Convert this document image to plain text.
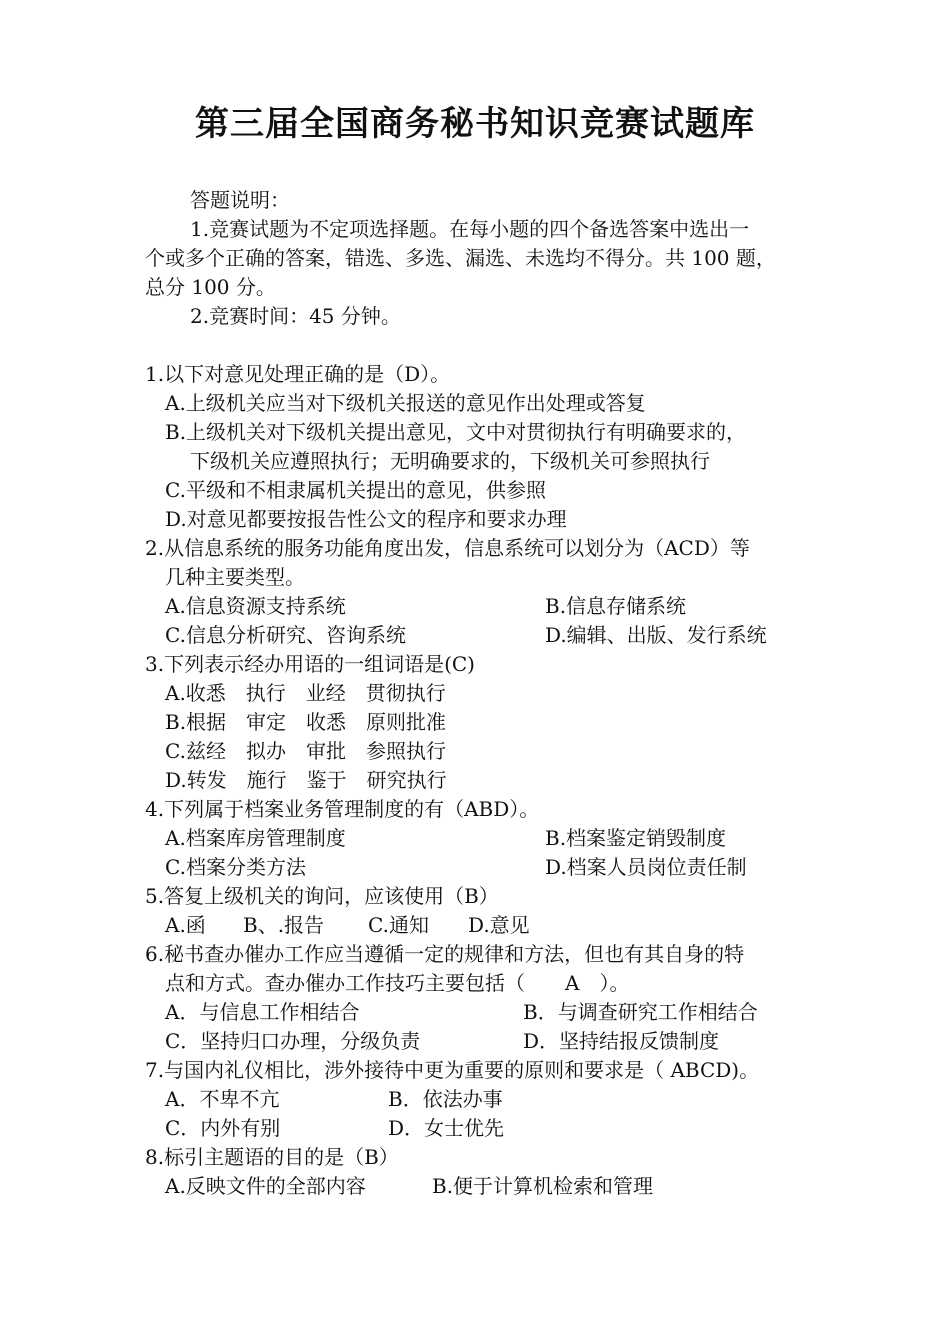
第三届全国商务秘书知识竞赛试题库
答题说明：
1.竞赛试题为不定项选择题。在每小题的四个备选答案中选出一
个或多个正确的答案，错选、多选、漏选、未选均不得分。共 100 题，
总分 100 分。
2.竞赛时间：45 分钟。
1.以下对意见处理正确的是（D）。
A.上级机关应当对下级机关报送的意见作出处理或答复
B.上级机关对下级机关提出意见，文中对贯彻执行有明确要求的，
下级机关应遵照执行；无明确要求的，下级机关可参照执行
C.平级和不相隶属机关提出的意见，供参照
D.对意见都要按报告性公文的程序和要求办理
2.从信息系统的服务功能角度出发，信息系统可以划分为（ACD）等
几种主要类型。
A.信息资源支持系统	B.信息存储系统
C.信息分析研究、咨询系统	D.编辑、出版、发行系统
3.下列表示经办用语的一组词语是(C)
A.收悉　执行　业经　贯彻执行
B.根据　审定　收悉　原则批准
C.兹经　拟办　审批　参照执行
D.转发　施行　鉴于　研究执行
4.下列属于档案业务管理制度的有（ABD）。
A.档案库房管理制度	B.档案鉴定销毁制度
C.档案分类方法	D.档案人员岗位责任制
5.答复上级机关的询问，应该使用（B）
A.函 B、.报告 C.通知 D.意见
6.秘书查办催办工作应当遵循一定的规律和方法，但也有其自身的特
点和方式。查办催办工作技巧主要包括（　　A　）。
A．与信息工作相结合	B．与调查研究工作相结合
C．坚持归口办理，分级负责	D．坚持结报反馈制度
7.与国内礼仪相比，涉外接待中更为重要的原则和要求是（ ABCD)。
A．不卑不亢	B．依法办事
C．内外有别	D．女士优先
8.标引主题语的目的是（B）
A.反映文件的全部内容	B.便于计算机检索和管理
